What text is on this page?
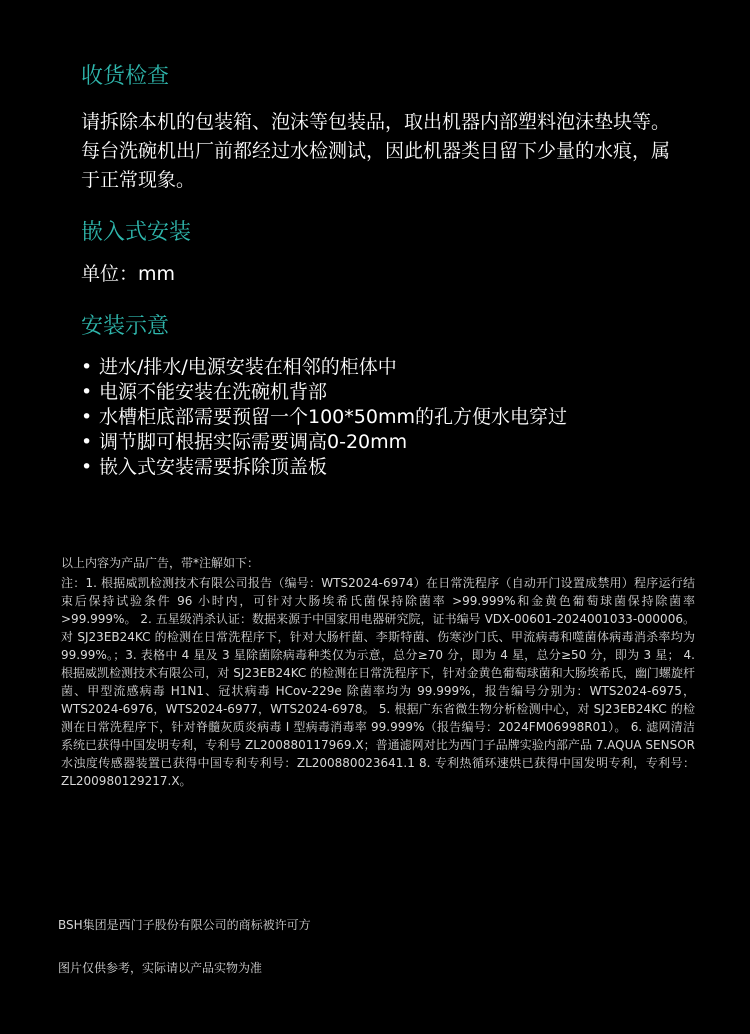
收货检查

请拆除本机的包装箱、泡沫等包装品，取出机器内部塑料泡沫垫块等。每台洗碗机出厂前都经过水检测试，因此机器类目留下少量的水痕，属于正常现象。

嵌入式安装

单位：mm

安装示意
• 进水/排水/电源安装在相邻的柜体中
• 电源不能安装在洗碗机背部
• 水槽柜底部需要预留一个100*50mm的孔方便水电穿过
• 调节脚可根据实际需要调高0-20mm
• 嵌入式安装需要拆除顶盖板

以上内容为产品广告，带*注解如下：

注：1. 根据威凯检测技术有限公司报告（编号：WTS2024-6974）在日常洗程序（自动开门设置成禁用）程序运行结束后保持试验条件 96 小时内，可针对大肠埃希氏菌保持除菌率 >99.999%和金黄色葡萄球菌保持除菌率 >99.999%。 2. 五星级消杀认证：数据来源于中国家用电器研究院，证书编号 VDX-00601-2024001033-000006。对 SJ23EB24KC 的检测在日常洗程序下，针对大肠杆菌、李斯特菌、伤寒沙门氏、甲流病毒和噬菌体病毒消杀率均为 99.99%。；3. 表格中 4 星及 3 星除菌除病毒种类仅为示意，总分≥70 分，即为 4 星，总分≥50 分，即为 3 星； 4. 根据威凯检测技术有限公司，对 SJ23EB24KC 的检测在日常洗程序下，针对金黄色葡萄球菌和大肠埃希氏，幽门螺旋杆菌、甲型流感病毒 H1N1、冠状病毒 HCov-229e 除菌率均为 99.999%，报告编号分别为：WTS2024-6975，WTS2024-6976，WTS2024-6977，WTS2024-6978。 5. 根据广东省微生物分析检测中心，对 SJ23EB24KC 的检测在日常洗程序下，针对脊髓灰质炎病毒 I 型病毒消毒率 99.999%（报告编号：2024FM06998R01）。 6. 滤网清洁系统已获得中国发明专利，专利号 ZL200880117969.X；普通滤网对比为西门子品牌实验内部产品 7.AQUA SENSOR 水浊度传感器装置已获得中国专利专利号：ZL200880023641.1 8. 专利热循环速烘已获得中国发明专利，专利号：ZL200980129217.X。

BSH集团是西门子股份有限公司的商标被许可方

图片仅供参考，实际请以产品实物为准
